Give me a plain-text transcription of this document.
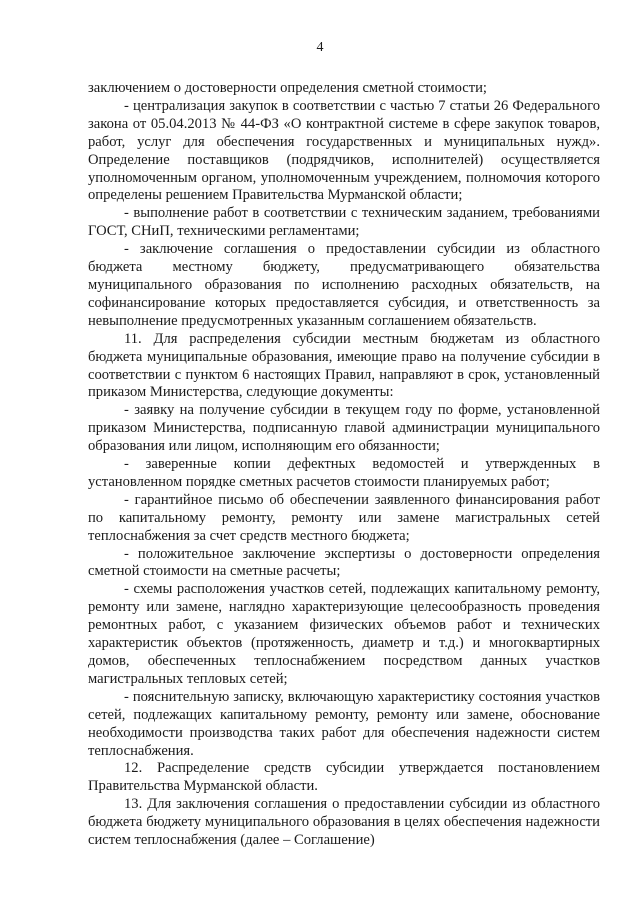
4

заключением о достоверности определения сметной стоимости;

- централизация закупок в соответствии с частью 7 статьи 26 Федерального закона от 05.04.2013 № 44-ФЗ «О контрактной системе в сфере закупок товаров, работ, услуг для обеспечения государственных и муниципальных нужд». Определение поставщиков (подрядчиков, исполнителей) осуществляется уполномоченным органом, уполномоченным учреждением, полномочия которого определены решением Правительства Мурманской области;

- выполнение работ в соответствии с техническим заданием, требованиями ГОСТ, СНиП, техническими регламентами;

- заключение соглашения о предоставлении субсидии из областного бюджета местному бюджету, предусматривающего обязательства муниципального образования по исполнению расходных обязательств, на софинансирование которых предоставляется субсидия, и ответственность за невыполнение предусмотренных указанным соглашением обязательств.

11. Для распределения субсидии местным бюджетам из областного бюджета муниципальные образования, имеющие право на получение субсидии в соответствии с пунктом 6 настоящих Правил, направляют в срок, установленный приказом Министерства, следующие документы:

- заявку на получение субсидии в текущем году по форме, установленной приказом Министерства, подписанную главой администрации муниципального образования или лицом, исполняющим его обязанности;

- заверенные копии дефектных ведомостей и утвержденных в установленном порядке сметных расчетов стоимости планируемых работ;

- гарантийное письмо об обеспечении заявленного финансирования работ по капитальному ремонту, ремонту или замене магистральных сетей теплоснабжения за счет средств местного бюджета;

- положительное заключение экспертизы о достоверности определения сметной стоимости на сметные расчеты;

- схемы расположения участков сетей, подлежащих капитальному ремонту, ремонту или замене, наглядно характеризующие целесообразность проведения ремонтных работ, с указанием физических объемов работ и технических характеристик объектов (протяженность, диаметр и т.д.) и многоквартирных домов, обеспеченных теплоснабжением посредством данных участков магистральных тепловых сетей;

- пояснительную записку, включающую характеристику состояния участков сетей, подлежащих капитальному ремонту, ремонту или замене, обоснование необходимости производства таких работ для обеспечения надежности систем теплоснабжения.

12. Распределение средств субсидии утверждается постановлением Правительства Мурманской области.

13. Для заключения соглашения о предоставлении субсидии из областного бюджета бюджету муниципального образования в целях обеспечения надежности систем теплоснабжения (далее – Соглашение)
